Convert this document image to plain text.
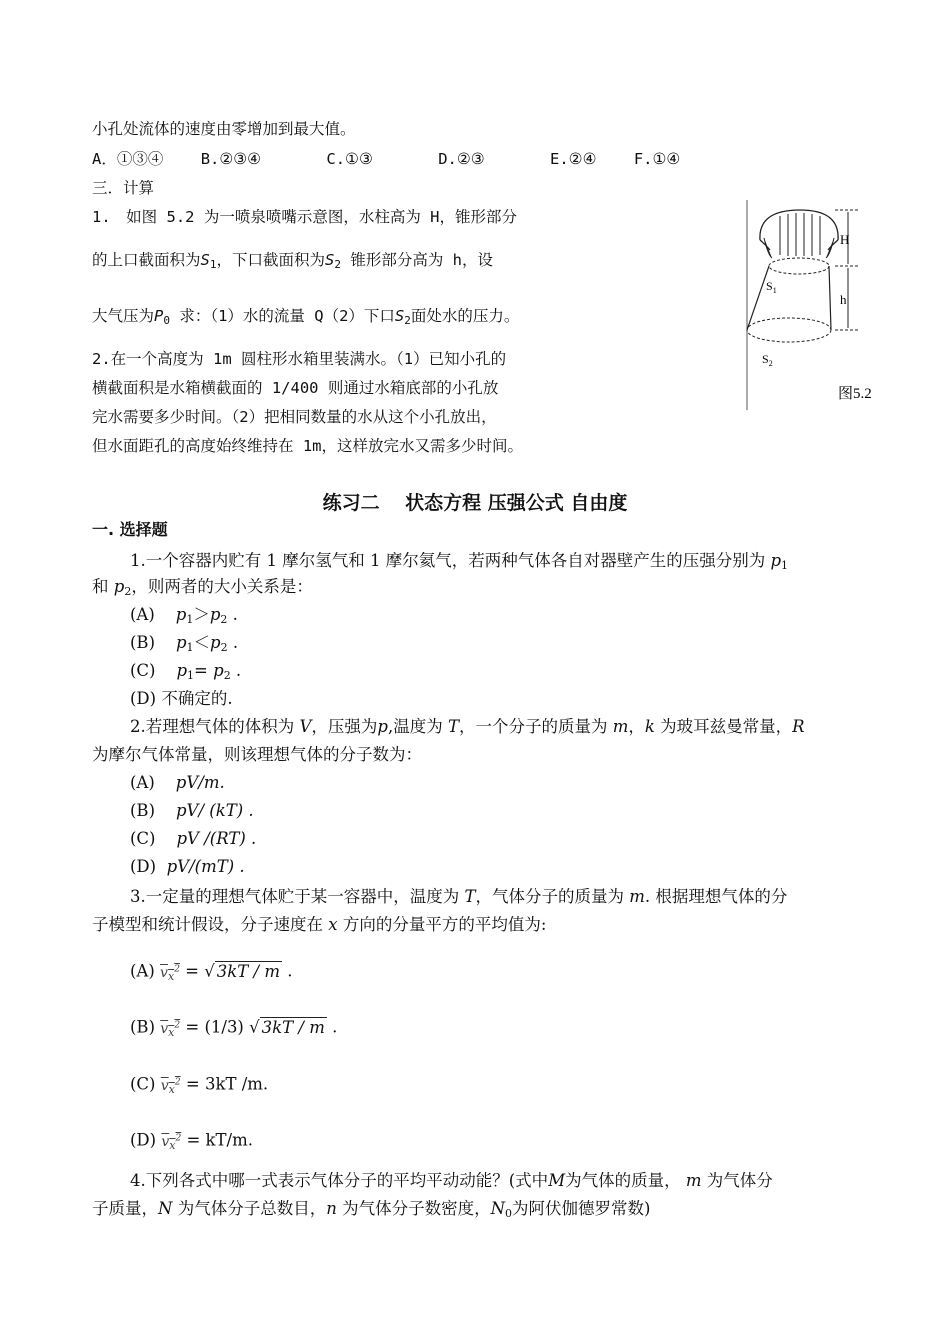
小孔处流体的速度由零增加到最大值。
A．①③④ B.②③④	C.①③	D.②③	E.②④ F.①④
三．计算
1.　如图 5.2 为一喷泉喷嘴示意图，水柱高为 H，锥形部分
的上口截面积为$S_1$，下口截面积为$S_2$ 锥形部分高为 h，设
大气压为$P_0$ 求：（1）水的流量 Q（2）下口$S_2$面处水的压力。
2.在一个高度为 1m 圆柱形水箱里装满水。（1）已知小孔的
横截面积是水箱横截面的 1/400 则通过水箱底部的小孔放
完水需要多少时间。（2）把相同数量的水从这个小孔放出，
但水面距孔的高度始终维持在 1m，这样放完水又需多少时间。
H
h
$S_1$
$S_2$
图5.2
练习二　 状态方程 压强公式 自由度
一. 选择题
1.一个容器内贮有 1 摩尔氢气和 1 摩尔氦气，若两种气体各自对器壁产生的压强分别为 $p_1$
和 $p_2$，则两者的大小关系是：
(A) $p_1>p_2$ .
(B) $p_1<p_2$ .
(C) $p_1= p_2$ .
(D) 不确定的.
2.若理想气体的体积为 V，压强为p,温度为 T，一个分子的质量为 m，k 为玻耳兹曼常量，R
为摩尔气体常量，则该理想气体的分子数为：
(A) pV/m.
(B) pV/ (kT) .
(C) pV /(RT) .
(D) pV/(mT) .
3.一定量的理想气体贮于某一容器中，温度为 T，气体分子的质量为 m. 根据理想气体的分
子模型和统计假设，分子速度在 x 方向的分量平方的平均值为:
(A) $v_x^2$ = √ 3kT / m .
(B) $v_x^2 = (1/3)$ √ 3kT / m .
(C) $v_x^2 = 3kT$ /m.
(D) $v_x^2 = kT/m$.
4.下列各式中哪一式表示气体分子的平均平动动能？(式中M为气体的质量， m 为气体分
子质量，N 为气体分子总数目，n 为气体分子数密度，$N_0$为阿伏伽德罗常数)
